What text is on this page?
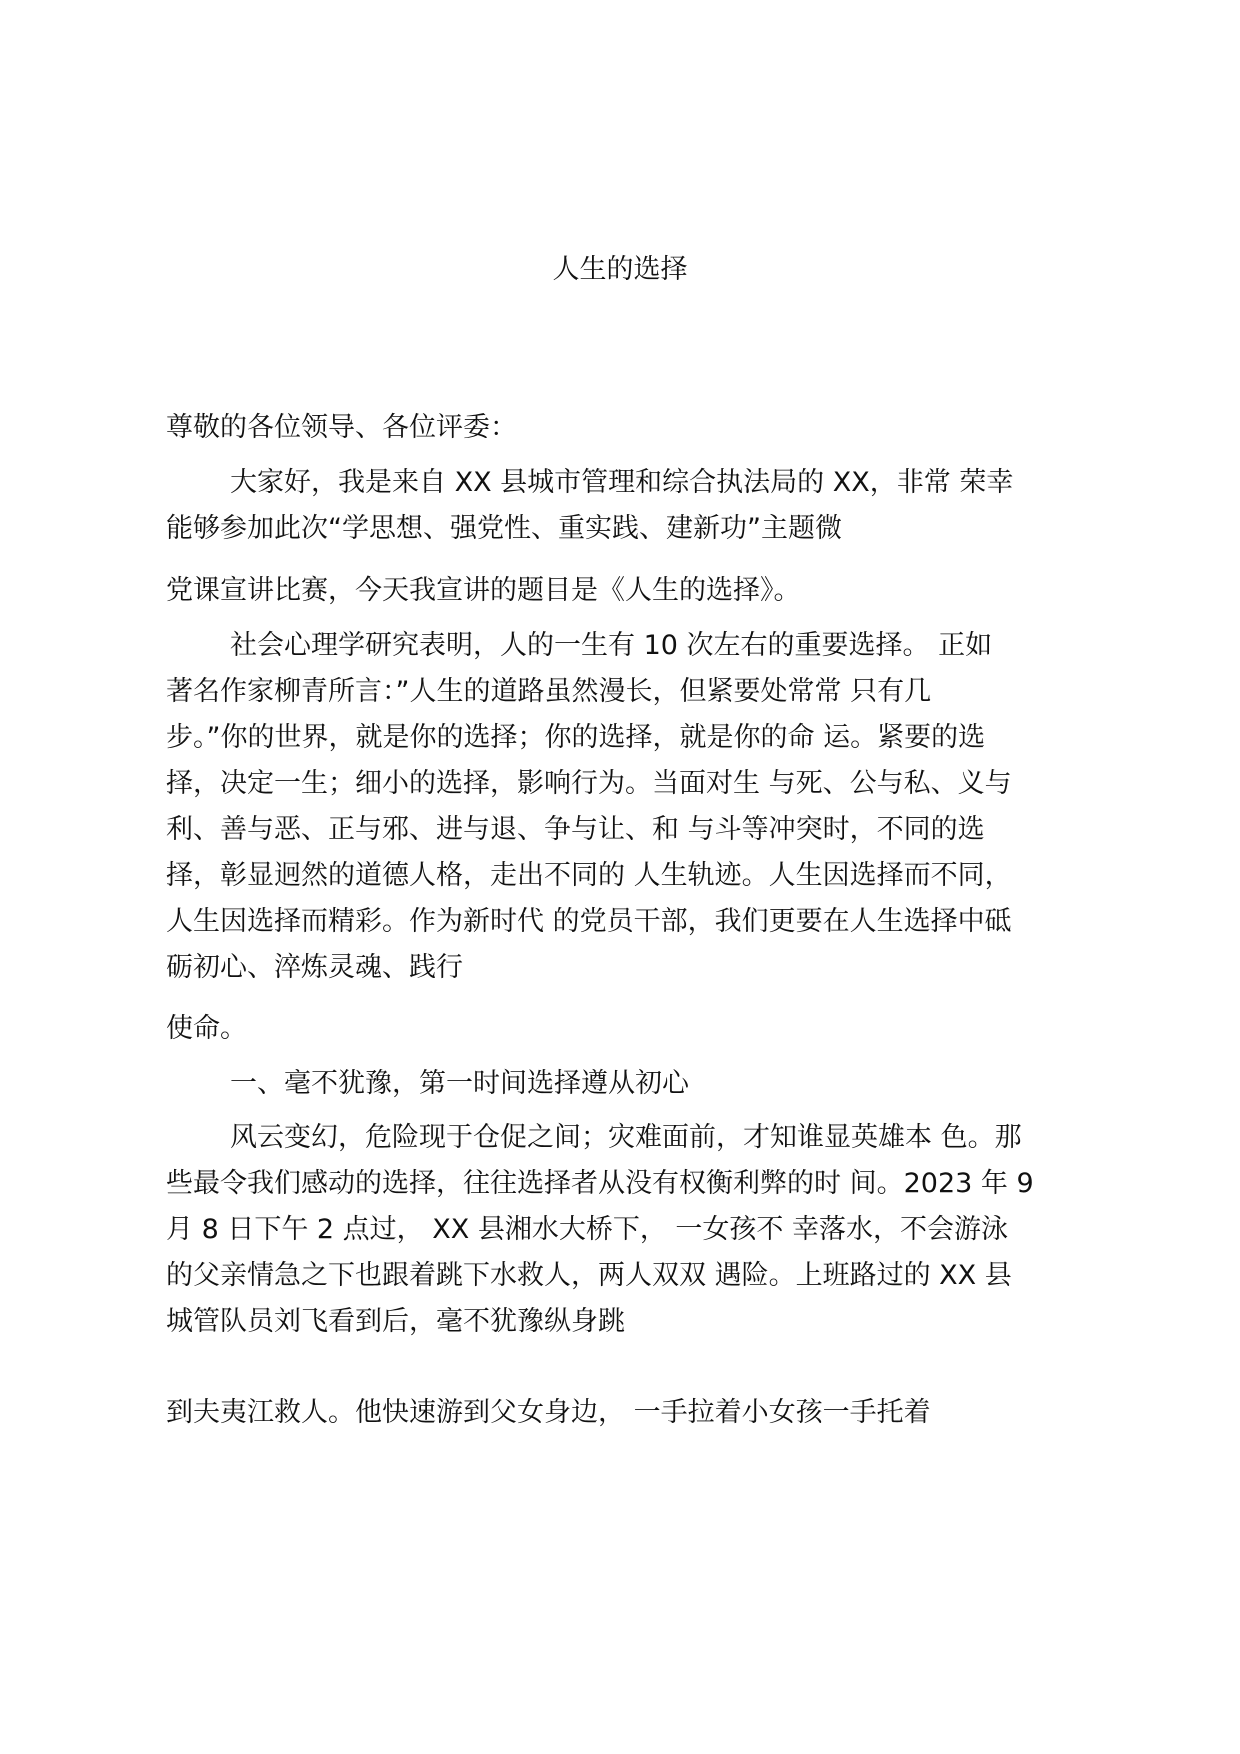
人生的选择

尊敬的各位领导、各位评委：

大家好，我是来自 XX 县城市管理和综合执法局的 XX，非常 荣幸
能够参加此次“学思想、强党性、重实践、建新功”主题微

党课宣讲比赛，今天我宣讲的题目是《人生的选择》。

社会心理学研究表明，人的一生有 10 次左右的重要选择。 正如
著名作家柳青所言：”人生的道路虽然漫长，但紧要处常常 只有几
步。”你的世界，就是你的选择；你的选择，就是你的命 运。紧要的选
择，决定一生；细小的选择，影响行为。当面对生 与死、公与私、义与
利、善与恶、正与邪、进与退、争与让、和 与斗等冲突时，不同的选
择，彰显迥然的道德人格，走出不同的 人生轨迹。人生因选择而不同，
人生因选择而精彩。作为新时代 的党员干部，我们更要在人生选择中砥
砺初心、淬炼灵魂、践行

使命。

一、毫不犹豫，第一时间选择遵从初心

风云变幻，危险现于仓促之间；灾难面前，才知谁显英雄本 色。那
些最令我们感动的选择，往往选择者从没有权衡利弊的时 间。2023 年 9
月 8 日下午 2 点过， XX 县湘水大桥下， 一女孩不 幸落水，不会游泳
的父亲情急之下也跟着跳下水救人，两人双双 遇险。上班路过的 XX 县
城管队员刘飞看到后，毫不犹豫纵身跳

到夫夷江救人。他快速游到父女身边， 一手拉着小女孩一手托着
